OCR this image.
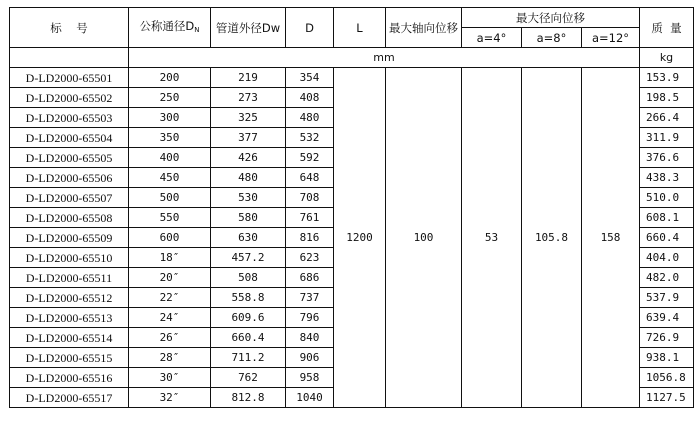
标    号	公称通径$D_N$	管道外径Dw	D	L	最大轴向位移	最大径向位移			质  量
						a=4°	a=8°	a=12°	
	mm								kg
D-LD2000-65501	200	219	354	1200	100	53	105.8	158	153.9
D-LD2000-65502	250	273	408						198.5
D-LD2000-65503	300	325	480						266.4
D-LD2000-65504	350	377	532						311.9
D-LD2000-65505	400	426	592						376.6
D-LD2000-65506	450	480	648						438.3
D-LD2000-65507	500	530	708						510.0
D-LD2000-65508	550	580	761						608.1
D-LD2000-65509	600	630	816						660.4
D-LD2000-65510	18″	457.2	623						404.0
D-LD2000-65511	20″	508	686						482.0
D-LD2000-65512	22″	558.8	737						537.9
D-LD2000-65513	24″	609.6	796						639.4
D-LD2000-65514	26″	660.4	840						726.9
D-LD2000-65515	28″	711.2	906						938.1
D-LD2000-65516	30″	762	958						1056.8
D-LD2000-65517	32″	812.8	1040						1127.5
